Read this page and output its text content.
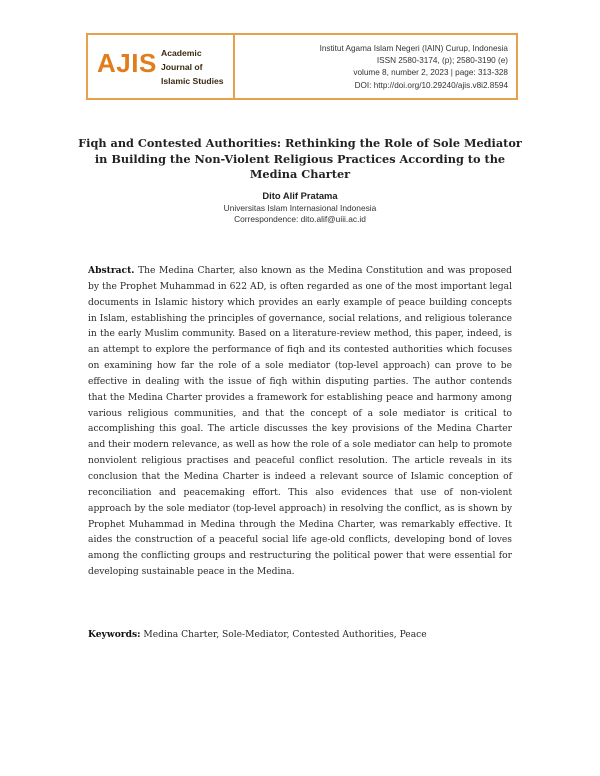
AJIS Academic
Journal of
Islamic Studies
Institut Agama Islam Negeri (IAIN) Curup, Indonesia
ISSN 2580-3174, (p); 2580-3190 (e)
volume 8, number 2, 2023 | page: 313-328
DOI: http://doi.org/10.29240/ajis.v8i2.8594
Fiqh and Contested Authorities: Rethinking the Role of Sole Mediator in Building the Non-Violent Religious Practices According to the Medina Charter
Dito Alif Pratama
Universitas Islam Internasional Indonesia
Correspondence: dito.alif@uiii.ac.id

Abstract. The Medina Charter, also known as the Medina Constitution and was proposed by the Prophet Muhammad in 622 AD, is often regarded as one of the most important legal documents in Islamic history which provides an early example of peace building concepts in Islam, establishing the principles of governance, social relations, and religious tolerance in the early Muslim community. Based on a literature-review method, this paper, indeed, is an attempt to explore the performance of fiqh and its contested authorities which focuses on examining how far the role of a sole mediator (top-level approach) can prove to be effective in dealing with the issue of fiqh within disputing parties. The author contends that the Medina Charter provides a framework for establishing peace and harmony among various religious communities, and that the concept of a sole mediator is critical to accomplishing this goal. The article discusses the key provisions of the Medina Charter and their modern relevance, as well as how the role of a sole mediator can help to promote nonviolent religious practises and peaceful conflict resolution. The article reveals in its conclusion that the Medina Charter is indeed a relevant source of Islamic conception of reconciliation and peacemaking effort. This also evidences that use of non-violent approach by the sole mediator (top-level approach) in resolving the conflict, as is shown by Prophet Muhammad in Medina through the Medina Charter, was remarkably effective. It aides the construction of a peaceful social life age-old conflicts, developing bond of loves among the conflicting groups and restructuring the political power that were essential for developing sustainable peace in the Medina.

Keywords: Medina Charter, Sole-Mediator, Contested Authorities, Peace
